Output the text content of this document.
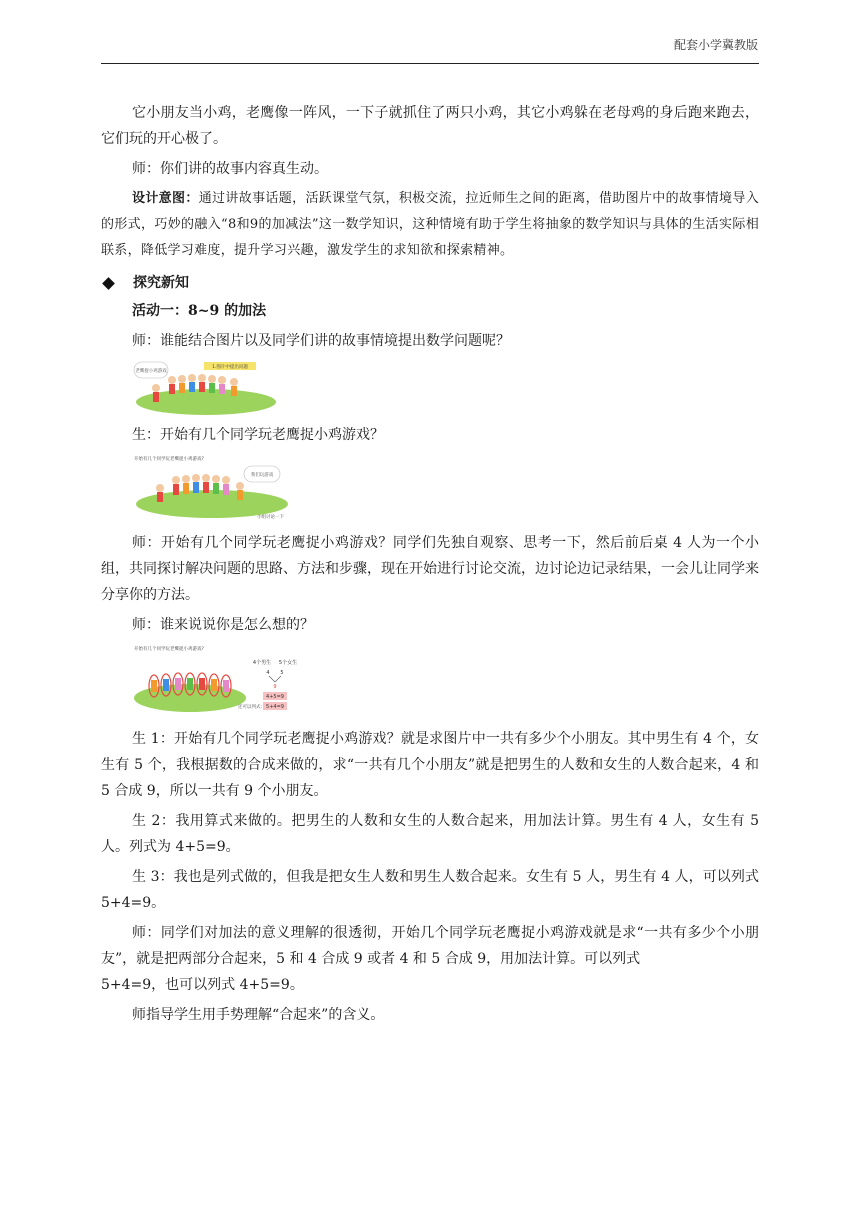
配套小学冀教版

它小朋友当小鸡，老鹰像一阵风，一下子就抓住了两只小鸡，其它小鸡躲在老母鸡的身后跑来跑去，它们玩的开心极了。

师：你们讲的故事内容真生动。

设计意图：通过讲故事话题，活跃课堂气氛，积极交流，拉近师生之间的距离，借助图片中的故事情境导入的形式，巧妙的融入“8和9的加减法”这一数学知识，这种情境有助于学生将抽象的数学知识与具体的生活实际相联系，降低学习难度，提升学习兴趣，激发学生的求知欲和探索精神。

探究新知

活动一：8~9 的加法

师：谁能结合图片以及同学们讲的故事情境提出数学问题呢？

老鹰捉小鸡游戏
1.图片中提出问题

生：开始有几个同学玩老鹰捉小鸡游戏？

开始有几个同学玩老鹰捉小鸡游戏?
我们玩游戏
小组讨论一下

师：开始有几个同学玩老鹰捉小鸡游戏？同学们先独自观察、思考一下，然后前后桌 4 人为一个小组，共同探讨解决问题的思路、方法和步骤，现在开始进行讨论交流，边讨论边记录结果，一会儿让同学来分享你的方法。

师：谁来说说你是怎么想的？

开始有几个同学玩老鹰捉小鸡游戏?
4个男生 5个女生
4 5
9
4+5=9
还可以列式: 5+4=9

生 1：开始有几个同学玩老鹰捉小鸡游戏？就是求图片中一共有多少个小朋友。其中男生有 4 个，女生有 5 个，我根据数的合成来做的，求“一共有几个小朋友”就是把男生的人数和女生的人数合起来，4 和 5 合成 9，所以一共有 9 个小朋友。

生 2：我用算式来做的。把男生的人数和女生的人数合起来，用加法计算。男生有 4 人，女生有 5 人。列式为 4+5=9。

生 3：我也是列式做的，但我是把女生人数和男生人数合起来。女生有 5 人，男生有 4 人，可以列式 5+4=9。

师：同学们对加法的意义理解的很透彻，开始几个同学玩老鹰捉小鸡游戏就是求“一共有多少个小朋友”，就是把两部分合起来，5 和 4 合成 9 或者 4 和 5 合成 9，用加法计算。可以列式

5+4=9，也可以列式 4+5=9。

师指导学生用手势理解“合起来”的含义。
